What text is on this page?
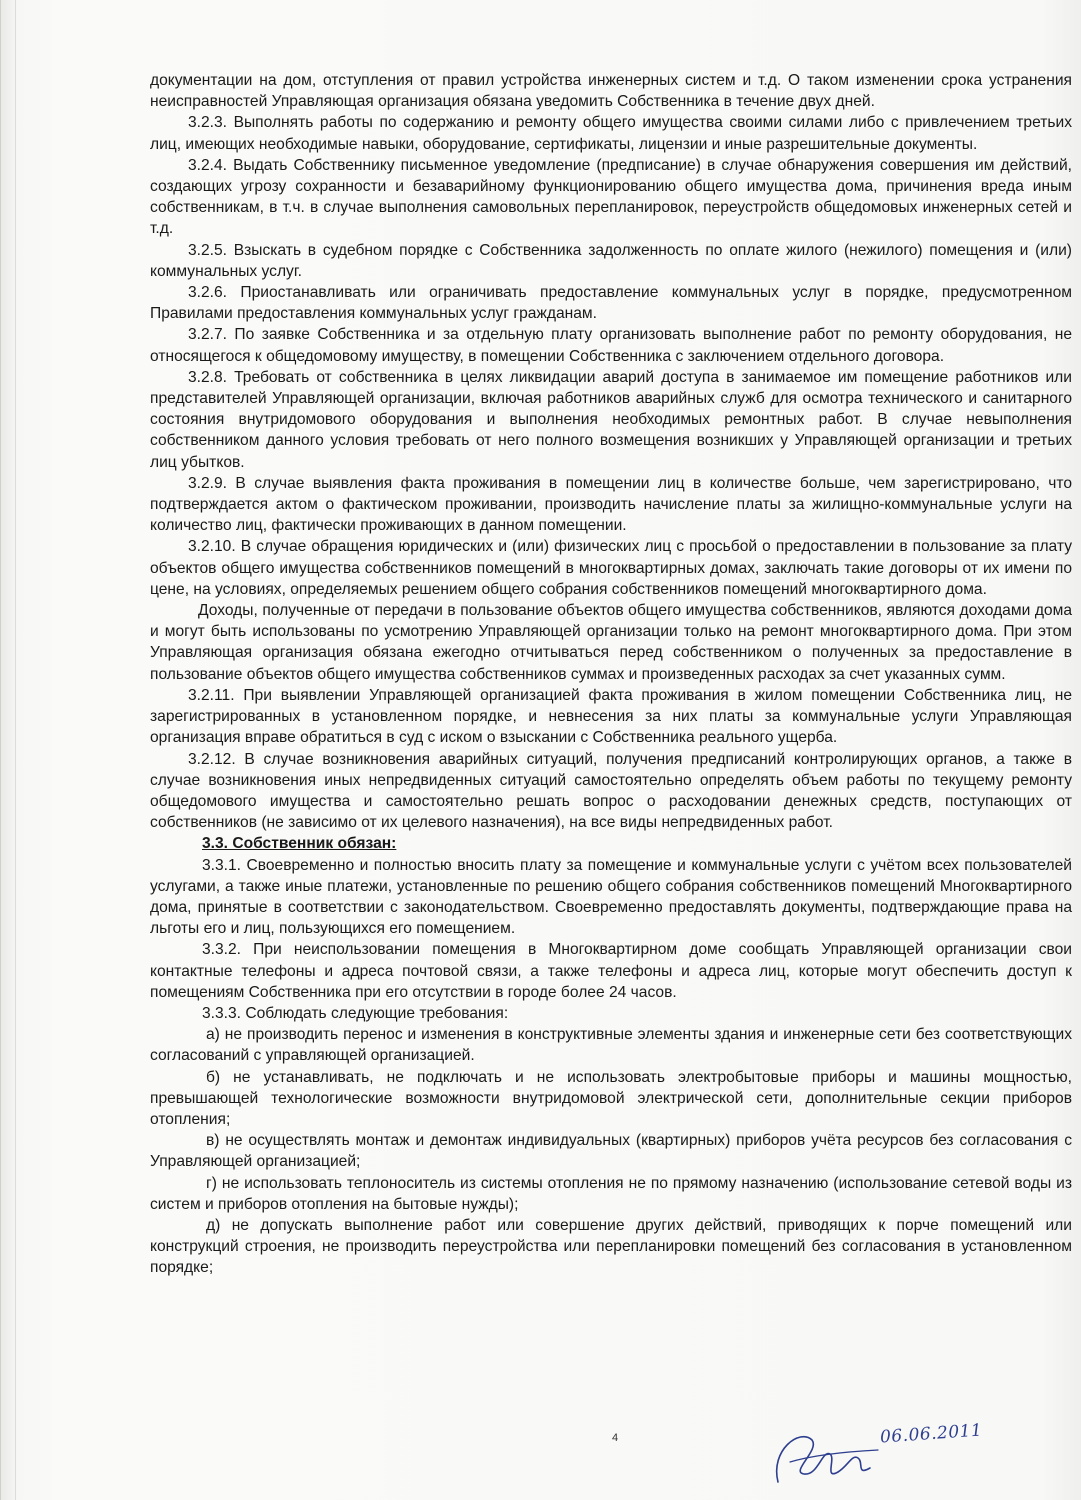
документации на дом, отступления от правил устройства инженерных систем и т.д. О таком изменении срока устранения неисправностей Управляющая организация обязана уведомить Собственника в течение двух дней.

3.2.3. Выполнять работы по содержанию и ремонту общего имущества своими силами либо с привлечением третьих лиц, имеющих необходимые навыки, оборудование, сертификаты, лицензии и иные разрешительные документы.

3.2.4. Выдать Собственнику письменное уведомление (предписание) в случае обнаружения совершения им действий, создающих угрозу сохранности и безаварийному функционированию общего имущества дома, причинения вреда иным собственникам, в т.ч. в случае выполнения самовольных перепланировок, переустройств общедомовых инженерных сетей и т.д.

3.2.5. Взыскать в судебном порядке с Собственника задолженность по оплате жилого (нежилого) помещения и (или) коммунальных услуг.

3.2.6. Приостанавливать или ограничивать предоставление коммунальных услуг в порядке, предусмотренном Правилами предоставления коммунальных услуг гражданам.

3.2.7. По заявке Собственника и за отдельную плату организовать выполнение работ по ремонту оборудования, не относящегося к общедомовому имуществу, в помещении Собственника с заключением отдельного договора.

3.2.8. Требовать от собственника в целях ликвидации аварий доступа в занимаемое им помещение работников или представителей Управляющей организации, включая работников аварийных служб для осмотра технического и санитарного состояния внутридомового оборудования и выполнения необходимых ремонтных работ. В случае невыполнения собственником данного условия требовать от него полного возмещения возникших у Управляющей организации и третьих лиц убытков.

3.2.9. В случае выявления факта проживания в помещении лиц в количестве больше, чем зарегистрировано, что подтверждается актом о фактическом проживании, производить начисление платы за жилищно-коммунальные услуги на количество лиц, фактически проживающих в данном помещении.

3.2.10. В случае обращения юридических и (или) физических лиц с просьбой о предоставлении в пользование за плату объектов общего имущества собственников помещений в многоквартирных домах, заключать такие договоры от их имени по цене, на условиях, определяемых решением общего собрания собственников помещений многоквартирного дома.

Доходы, полученные от передачи в пользование объектов общего имущества собственников, являются доходами дома и могут быть использованы по усмотрению Управляющей организации только на ремонт многоквартирного дома. При этом Управляющая организация обязана ежегодно отчитываться перед собственником о полученных за предоставление в пользование объектов общего имущества собственников суммах и произведенных расходах за счет указанных сумм.

3.2.11. При выявлении Управляющей организацией факта проживания в жилом помещении Собственника лиц, не зарегистрированных в установленном порядке, и невнесения за них платы за коммунальные услуги Управляющая организация вправе обратиться в суд с иском о взыскании с Собственника реального ущерба.

3.2.12. В случае возникновения аварийных ситуаций, получения предписаний контролирующих органов, а также в случае возникновения иных непредвиденных ситуаций самостоятельно определять объем работы по текущему ремонту общедомового имущества и самостоятельно решать вопрос о расходовании денежных средств, поступающих от собственников (не зависимо от их целевого назначения), на все виды непредвиденных работ.

3.3. Собственник обязан:

3.3.1. Своевременно и полностью вносить плату за помещение и коммунальные услуги с учётом всех пользователей услугами, а также иные платежи, установленные по решению общего собрания собственников помещений Многоквартирного дома, принятые в соответствии с законодательством. Своевременно предоставлять документы, подтверждающие права на льготы его и лиц, пользующихся его помещением.

3.3.2. При неиспользовании помещения в Многоквартирном доме сообщать Управляющей организации свои контактные телефоны и адреса почтовой связи, а также телефоны и адреса лиц, которые могут обеспечить доступ к помещениям Собственника при его отсутствии в городе более 24 часов.

3.3.3. Соблюдать следующие требования:

а) не производить перенос и изменения в конструктивные элементы здания и инженерные сети без соответствующих согласований с управляющей организацией.

б) не устанавливать, не подключать и не использовать электробытовые приборы и машины мощностью, превышающей технологические возможности внутридомовой электрической сети, дополнительные секции приборов отопления;

в) не осуществлять монтаж и демонтаж индивидуальных (квартирных) приборов учёта ресурсов без согласования с Управляющей организацией;

г) не использовать теплоноситель из системы отопления не по прямому назначению (использование сетевой воды из систем и приборов отопления на бытовые нужды);

д) не допускать выполнение работ или совершение других действий, приводящих к порче помещений или конструкций строения, не производить переустройства или перепланировки помещений без согласования в установленном порядке;

4	06.06.2011
